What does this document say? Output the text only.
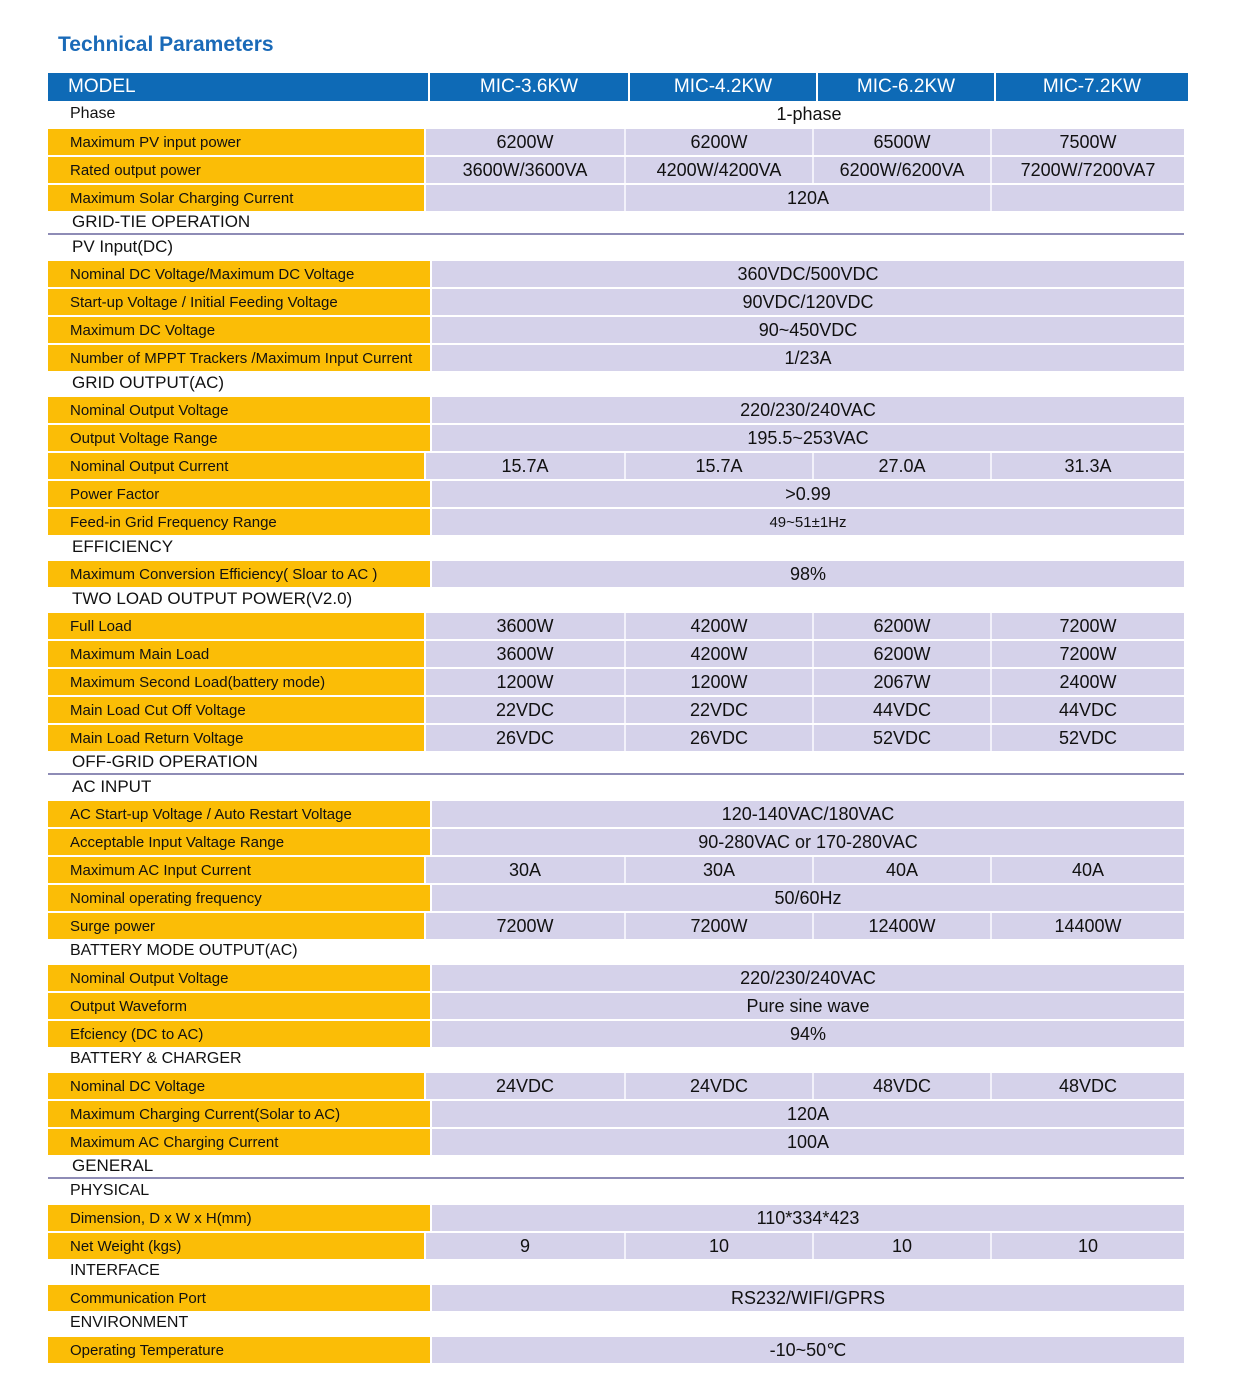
Technical Parameters
MODEL	MIC-3.6KW	MIC-4.2KW	MIC-6.2KW	MIC-7.2KW
Phase	1-phase
Maximum PV input power	6200W	6200W	6500W	7500W
Rated output power	3600W/3600VA	4200W/4200VA	6200W/6200VA	7200W/7200VA7
Maximum Solar Charging Current	120A
GRID-TIE OPERATION
PV Input(DC)
Nominal DC Voltage/Maximum DC Voltage	360VDC/500VDC
Start-up Voltage / Initial Feeding Voltage	90VDC/120VDC
Maximum DC Voltage	90~450VDC
Number of MPPT Trackers /Maximum Input Current	1/23A
GRID OUTPUT(AC)
Nominal Output Voltage	220/230/240VAC
Output Voltage Range	195.5~253VAC
Nominal Output Current	15.7A	15.7A	27.0A	31.3A
Power Factor	>0.99
Feed-in Grid Frequency Range	49~51±1Hz
EFFICIENCY
Maximum Conversion Efficiency( Sloar to AC )	98%
TWO LOAD OUTPUT POWER(V2.0)
Full Load	3600W	4200W	6200W	7200W
Maximum Main Load	3600W	4200W	6200W	7200W
Maximum Second Load(battery mode)	1200W	1200W	2067W	2400W
Main Load Cut Off Voltage	22VDC	22VDC	44VDC	44VDC
Main Load Return Voltage	26VDC	26VDC	52VDC	52VDC
OFF-GRID OPERATION
AC INPUT
AC Start-up Voltage / Auto Restart Voltage	120-140VAC/180VAC
Acceptable Input Valtage Range	90-280VAC or 170-280VAC
Maximum AC Input Current	30A	30A	40A	40A
Nominal operating frequency	50/60Hz
Surge power	7200W	7200W	12400W	14400W
BATTERY MODE OUTPUT(AC)
Nominal Output Voltage	220/230/240VAC
Output Waveform	Pure sine wave
Efciency (DC to AC)	94%
BATTERY & CHARGER
Nominal DC Voltage	24VDC	24VDC	48VDC	48VDC
Maximum Charging Current(Solar to AC)	120A
Maximum AC Charging Current	100A
GENERAL
PHYSICAL
Dimension, D x W x H(mm)	110*334*423
Net Weight (kgs)	9	10	10	10
INTERFACE
Communication Port	RS232/WIFI/GPRS
ENVIRONMENT
Operating Temperature	-10~50℃
